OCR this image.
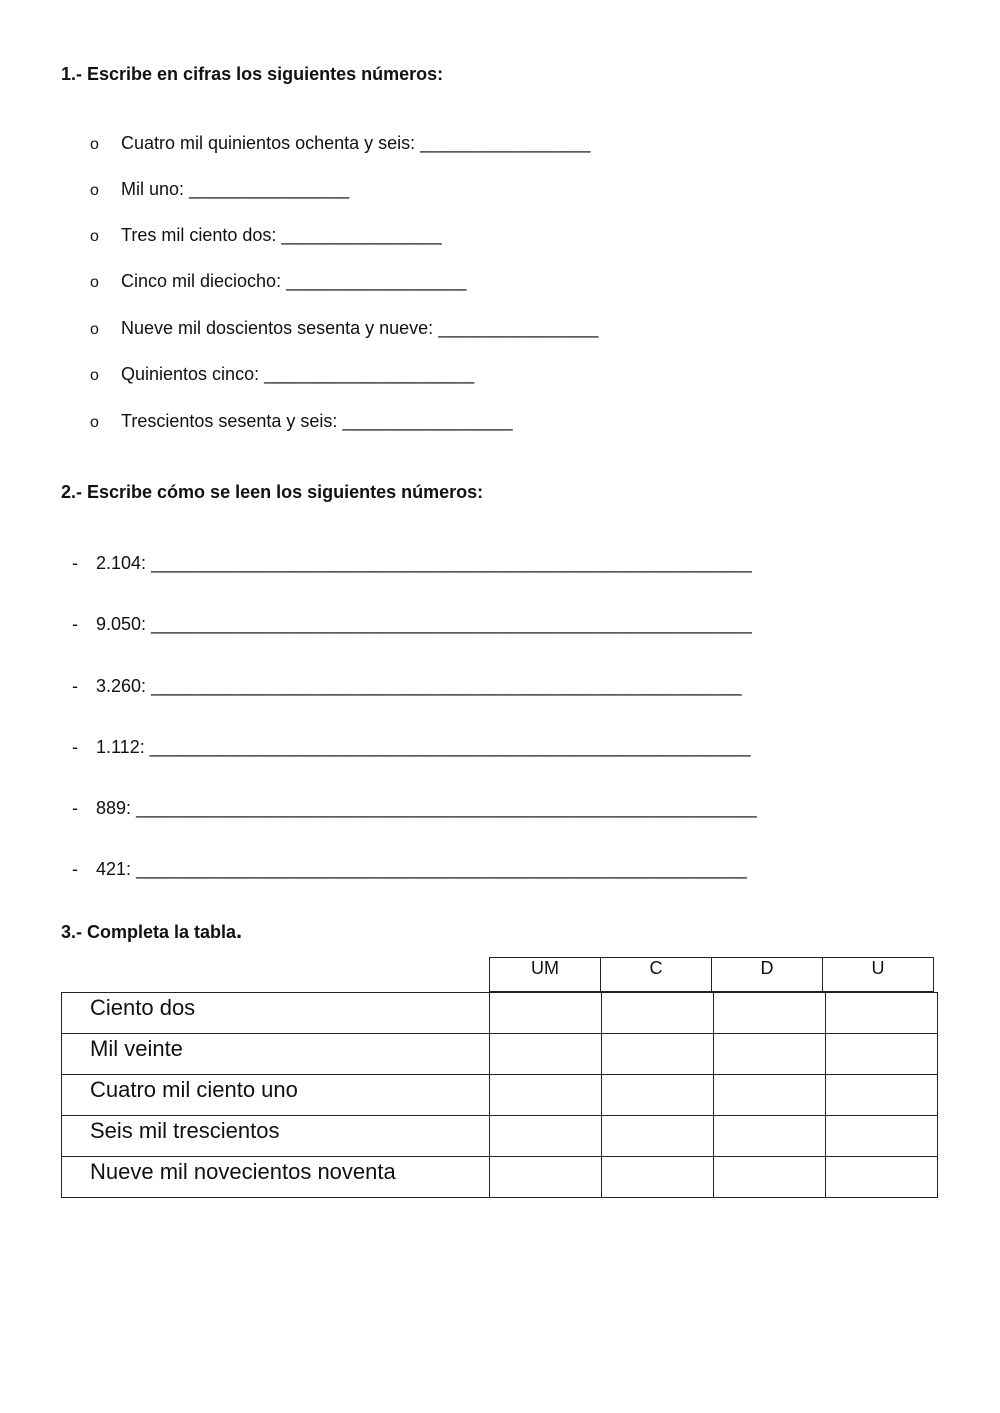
1.- Escribe en cifras los siguientes números:
o Cuatro mil quinientos ochenta y seis: _________________
o Mil uno: ________________
o Tres mil ciento dos: ________________
o Cinco mil dieciocho: __________________
o Nueve mil doscientos sesenta y nueve: ________________
o Quinientos cinco: _____________________
o Trescientos sesenta y seis: _________________
2.- Escribe cómo se leen los siguientes números:
- 2.104: ____________________________________________________________
- 9.050: ____________________________________________________________
- 3.260: ___________________________________________________________
- 1.112: ____________________________________________________________
- 889: ______________________________________________________________
- 421: _____________________________________________________________
3.- Completa la tabla.
UM	C	D	U
Ciento dos				
Mil veinte				
Cuatro mil ciento uno				
Seis mil trescientos				
Nueve mil novecientos noventa				
